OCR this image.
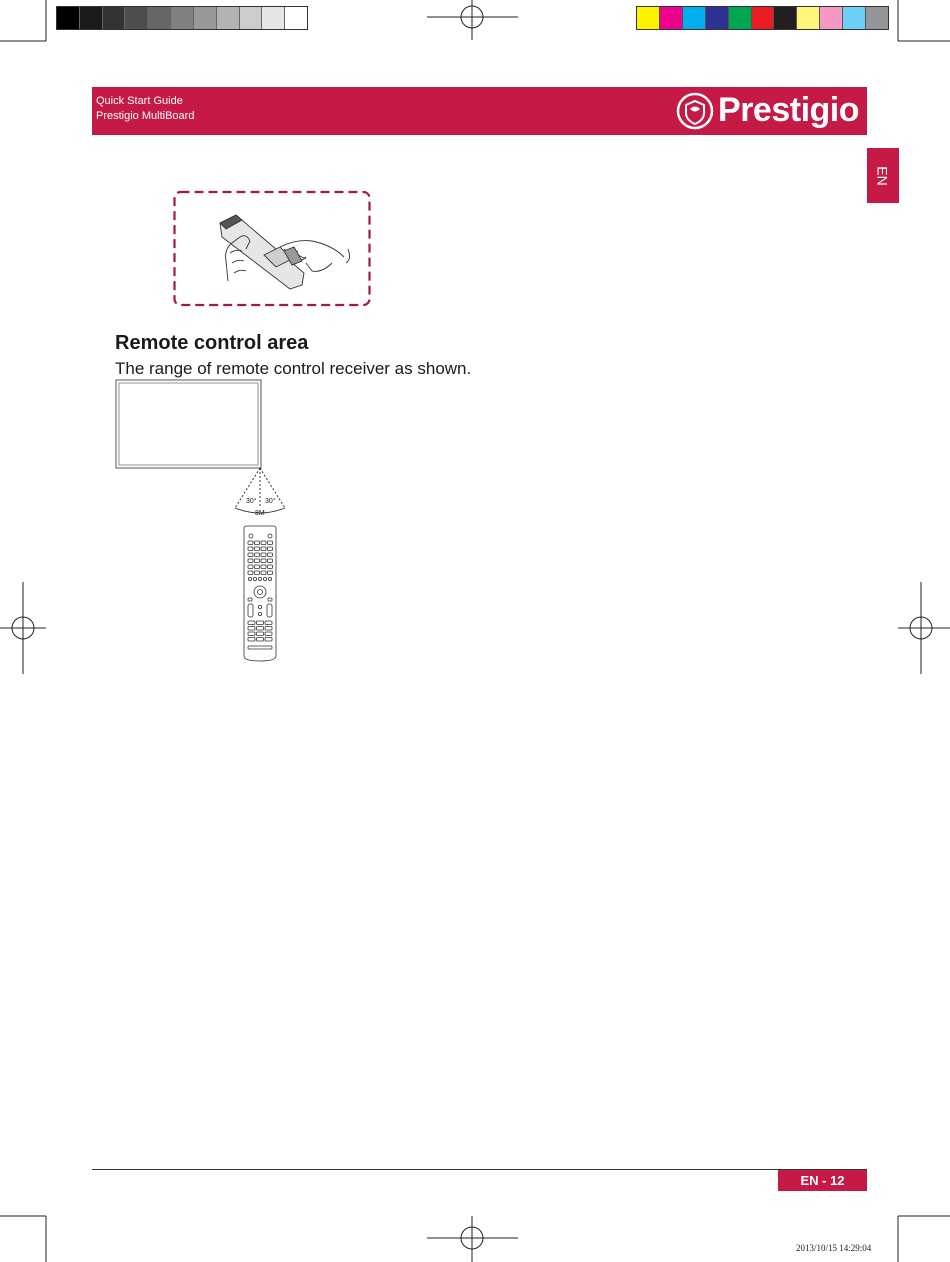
Quick Start Guide
Prestigio MultiBoard	Prestigio
EN
Remote control area
The range of remote control receiver as shown.
30° 30°
8M
EN - 12
2013/10/15 14:29:04
